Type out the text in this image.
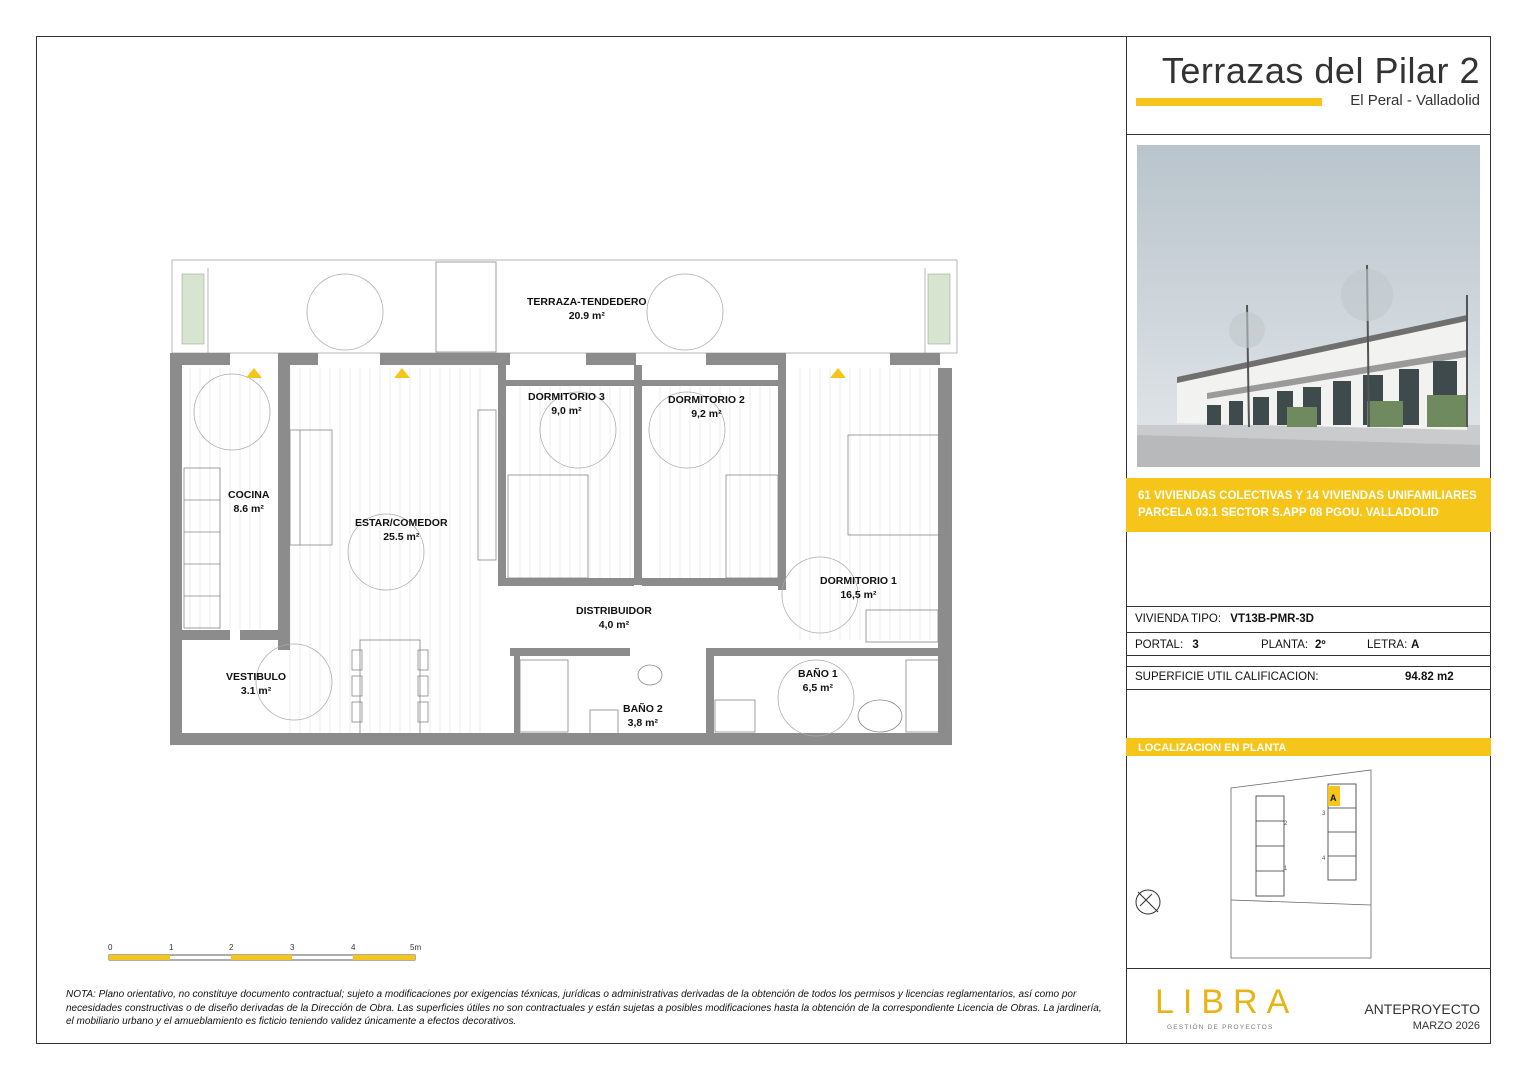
Terrazas del Pilar 2
El Peral - Valladolid
61 VIVIENDAS COLECTIVAS Y 14 VIVIENDAS UNIFAMILIARES
PARCELA 03.1 SECTOR S.APP 08 PGOU. VALLADOLID
VIVIENDA TIPO: VT13B-PMR-3D
PORTAL: 3	PLANTA: 2º	LETRA: A
SUPERFICIE UTIL CALIFICACION:	94.82 m2
LOCALIZACION EN PLANTA
A
1
2
3
4
TERRAZA-TENDEDERO
20.9 m²
DORMITORIO 3
9,0 m²
DORMITORIO 2
9,2 m²
COCINA
8.6 m²
ESTAR/COMEDOR
25.5 m²
DORMITORIO 1
16,5 m²
DISTRIBUIDOR
4,0 m²
VESTIBULO
3.1 m²
BAÑO 1
6,5 m²
BAÑO 2
3,8 m²
0	1	2	3	4	5m
NOTA: Plano orientativo, no constituye documento contractual; sujeto a modificaciones por exigencias téxnicas, jurídicas o administrativas derivadas de la obtención de todos los permisos y licencias reglamentarios, así como por necesidades constructivas o de diseño derivadas de la Dirección de Obra. Las superficies útiles no son contractuales y están sujetas a posibles modificaciones hasta la obtención de la correspondiente Licencia de Obras. La jardinería, el mobiliario urbano y el amueblamiento es ficticio teniendo validez únicamente a efectos decorativos.
LIBRA
GESTIÓN DE PROYECTOS
ANTEPROYECTO
MARZO 2026
